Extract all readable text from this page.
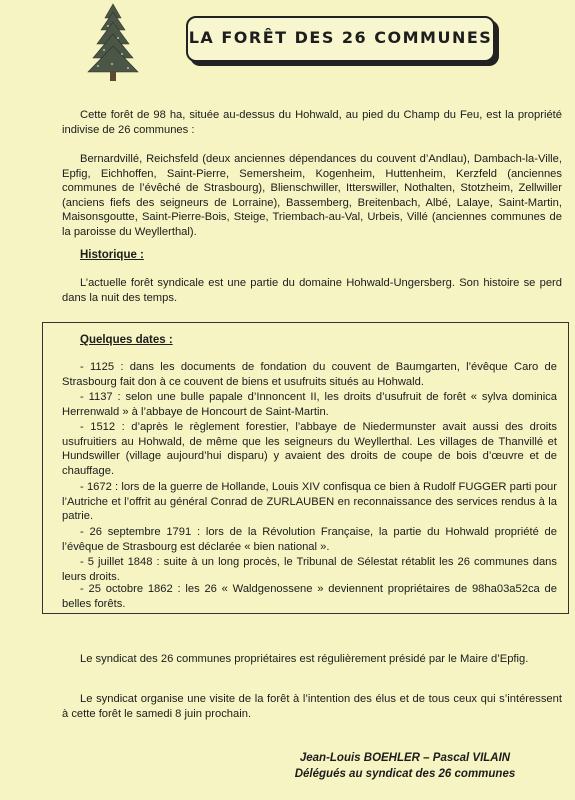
LA FORÊT DES 26 COMMUNES

Cette forêt de 98 ha, située au-dessus du Hohwald, au pied du Champ du Feu, est la propriété indivise de 26 communes :

Bernardvillé, Reichsfeld (deux anciennes dépendances du couvent d’Andlau), Dambach-la-Ville, Epfig, Eichhoffen, Saint-Pierre, Semersheim, Kogenheim, Huttenheim, Kerzfeld (anciennes communes de l’évêché de Strasbourg), Blienschwiller, Itterswiller, Nothalten, Stotzheim, Zellwiller (anciens fiefs des seigneurs de Lorraine), Bassemberg, Breitenbach, Albé, Lalaye, Saint-Martin, Maisonsgoutte, Saint-Pierre-Bois, Steige, Triembach-au-Val, Urbeis, Villé (anciennes communes de la paroisse du Weyllerthal).

Historique :

L’actuelle forêt syndicale est une partie du domaine Hohwald-Ungersberg. Son histoire se perd dans la nuit des temps.

Quelques dates :

- 1125 : dans les documents de fondation du couvent de Baumgarten, l’évêque Caro de Strasbourg fait don à ce couvent de biens et usufruits situés au Hohwald.

- 1137 : selon une bulle papale d’Innoncent II, les droits d’usufruit de forêt « sylva dominica Herrenwald » à l’abbaye de Honcourt de Saint-Martin.

- 1512 : d’après le règlement forestier, l’abbaye de Niedermunster avait aussi des droits usufruitiers au Hohwald, de même que les seigneurs du Weyllerthal. Les villages de Thanvillé et Hundswiller (village aujourd’hui disparu) y avaient des droits de coupe de bois d’œuvre et de chauffage.

- 1672 : lors de la guerre de Hollande, Louis XIV confisqua ce bien à Rudolf FUGGER parti pour l’Autriche et l’offrit au général Conrad de ZURLAUBEN en reconnaissance des services rendus à la patrie.

- 26 septembre 1791 : lors de la Révolution Française, la partie du Hohwald propriété de l’évêque de Strasbourg est déclarée « bien national ».

- 5 juillet 1848 : suite à un long procès, le Tribunal de Sélestat rétablit les 26 communes dans leurs droits.

- 25 octobre 1862 : les 26 « Waldgenossene » deviennent propriétaires de 98ha03a52ca de belles forêts.

Le syndicat des 26 communes propriétaires est régulièrement présidé par le Maire d’Epfig.

Le syndicat organise une visite de la forêt à l’intention des élus et de tous ceux qui s’intéressent à cette forêt le samedi 8 juin prochain.

Jean-Louis BOEHLER – Pascal VILAIN
Délégués au syndicat des 26 communes
